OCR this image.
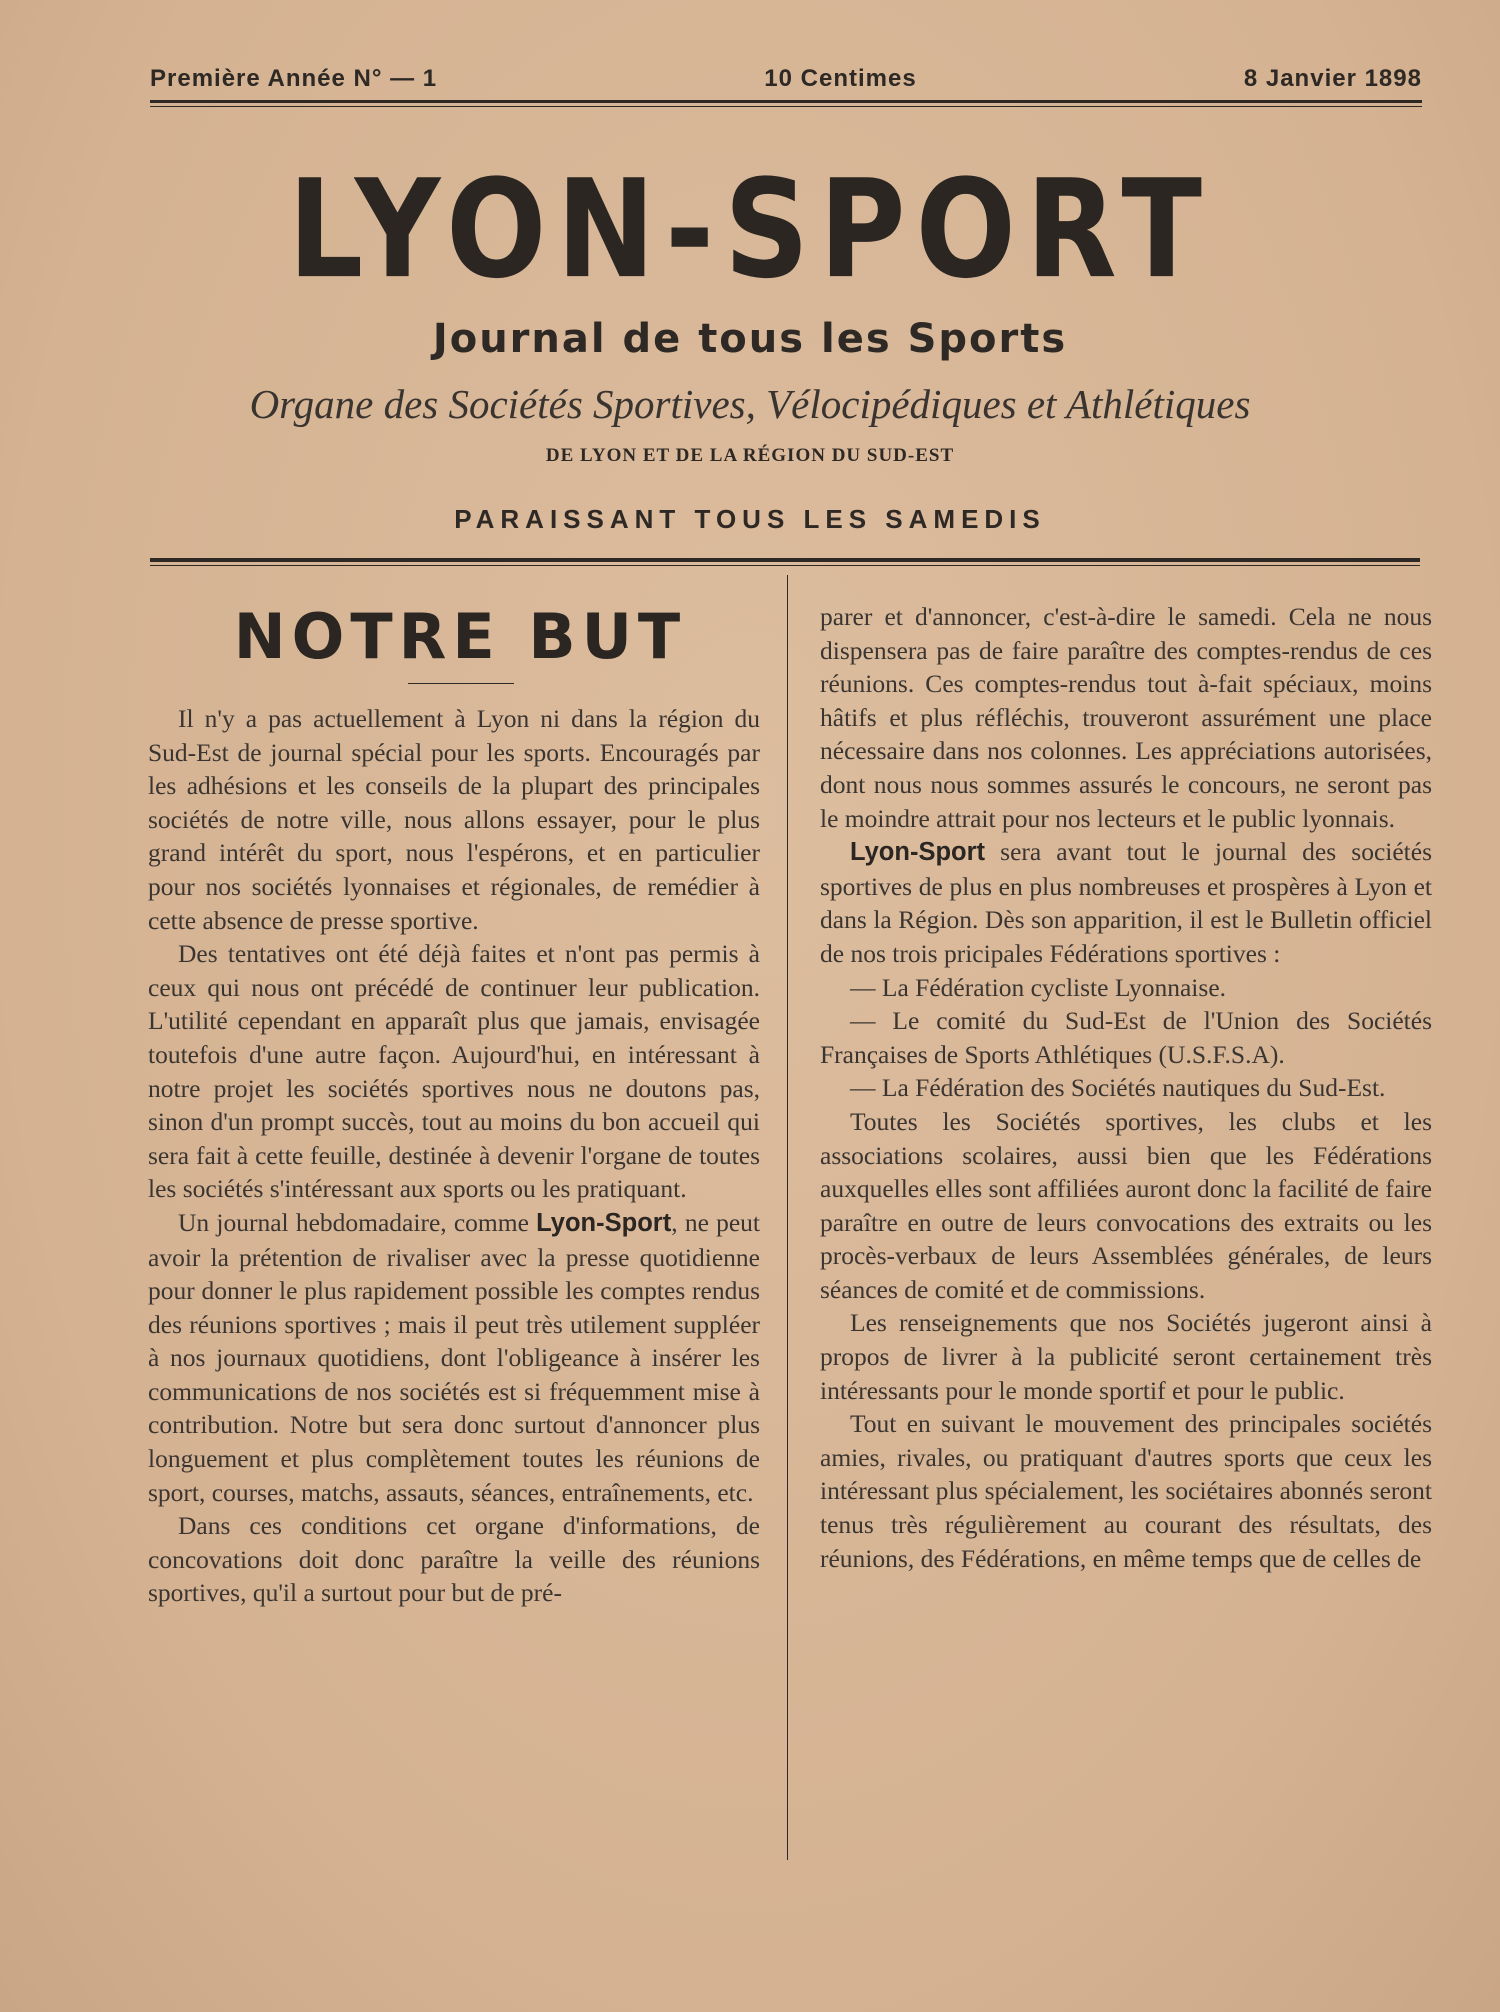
Première Année N° — 1	10 Centimes	8 Janvier 1898
LYON-SPORT
Journal de tous les Sports
Organe des Sociétés Sportives, Vélocipédiques et Athlétiques
DE LYON ET DE LA RÉGION DU SUD-EST
PARAISSANT TOUS LES SAMEDIS
NOTRE BUT

Il n'y a pas actuellement à Lyon ni dans la région du Sud-Est de journal spécial pour les sports. Encouragés par les adhésions et les conseils de la plupart des principales sociétés de notre ville, nous allons essayer, pour le plus grand intérêt du sport, nous l'espérons, et en particulier pour nos sociétés lyonnaises et régionales, de remédier à cette absence de presse sportive.

Des tentatives ont été déjà faites et n'ont pas permis à ceux qui nous ont précédé de continuer leur publication. L'utilité cependant en apparaît plus que jamais, envisagée toutefois d'une autre façon. Aujourd'hui, en intéressant à notre projet les sociétés sportives nous ne doutons pas, sinon d'un prompt succès, tout au moins du bon accueil qui sera fait à cette feuille, destinée à devenir l'organe de toutes les sociétés s'intéressant aux sports ou les pratiquant.

Un journal hebdomadaire, comme Lyon-Sport, ne peut avoir la prétention de rivaliser avec la presse quotidienne pour donner le plus rapidement possible les comptes rendus des réunions sportives ; mais il peut très utilement suppléer à nos journaux quotidiens, dont l'obligeance à insérer les communications de nos sociétés est si fréquemment mise à contribution. Notre but sera donc surtout d'annoncer plus longuement et plus complètement toutes les réunions de sport, courses, matchs, assauts, séances, entraînements, etc.

Dans ces conditions cet organe d'informations, de concovations doit donc paraître la veille des réunions sportives, qu'il a surtout pour but de pré-

parer et d'annoncer, c'est-à-dire le samedi. Cela ne nous dispensera pas de faire paraître des comptes-rendus de ces réunions. Ces comptes-rendus tout à-fait spéciaux, moins hâtifs et plus réfléchis, trouveront assurément une place nécessaire dans nos colonnes. Les appréciations autorisées, dont nous nous sommes assurés le concours, ne seront pas le moindre attrait pour nos lecteurs et le public lyonnais.

Lyon-Sport sera avant tout le journal des sociétés sportives de plus en plus nombreuses et prospères à Lyon et dans la Région. Dès son apparition, il est le Bulletin officiel de nos trois pricipales Fédérations sportives :

— La Fédération cycliste Lyonnaise.

— Le comité du Sud-Est de l'Union des Sociétés Françaises de Sports Athlétiques (U.S.F.S.A).

— La Fédération des Sociétés nautiques du Sud-Est.

Toutes les Sociétés sportives, les clubs et les associations scolaires, aussi bien que les Fédérations auxquelles elles sont affiliées auront donc la facilité de faire paraître en outre de leurs convocations des extraits ou les procès-verbaux de leurs Assemblées générales, de leurs séances de comité et de commissions.

Les renseignements que nos Sociétés jugeront ainsi à propos de livrer à la publicité seront certainement très intéressants pour le monde sportif et pour le public.

Tout en suivant le mouvement des principales sociétés amies, rivales, ou pratiquant d'autres sports que ceux les intéressant plus spécialement, les sociétaires abonnés seront tenus très régulièrement au courant des résultats, des réunions, des Fédérations, en même temps que de celles de
